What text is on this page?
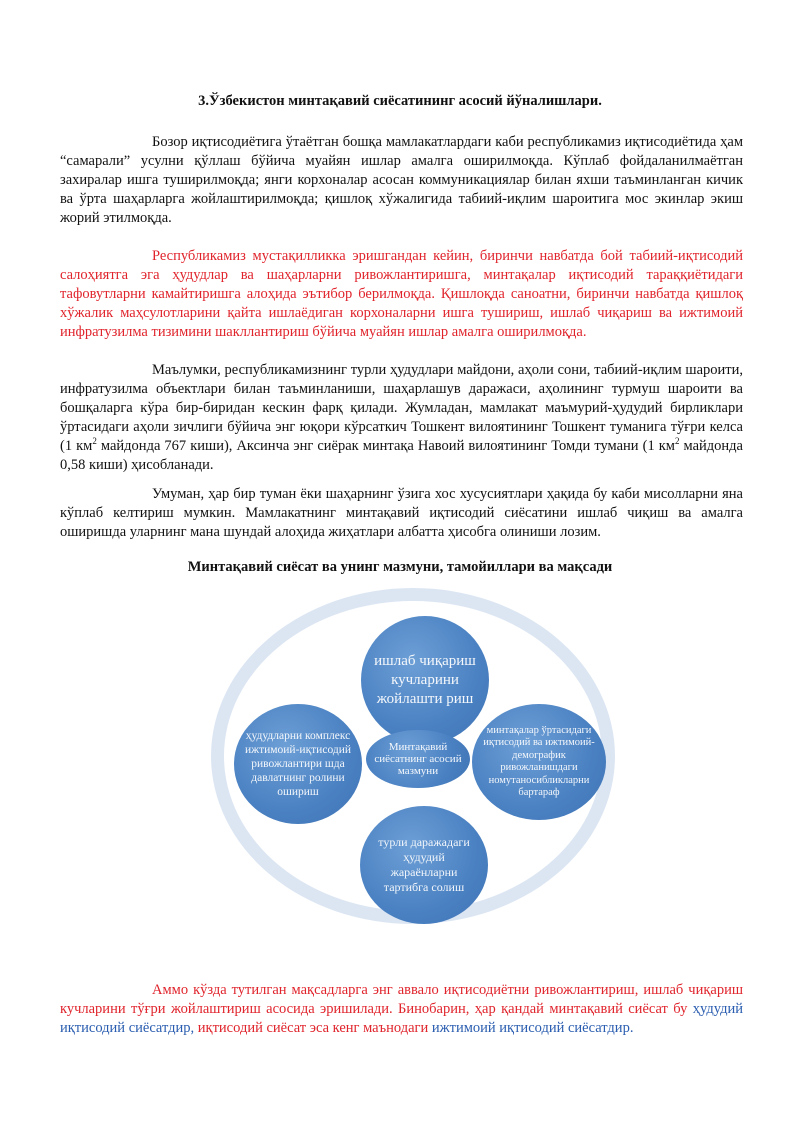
3.Ўзбекистон минтақавий сиёсатининг асосий йўналишлари.

Бозор иқтисодиётига ўтаётган бошқа мамлакатлардаги каби республикамиз иқтисодиётида ҳам “самарали” усулни қўллаш бўйича муайян ишлар амалга оширилмоқда. Кўплаб фойдаланилмаётган захиралар ишга туширилмоқда; янги корхоналар асосан коммуникациялар билан яхши таъминланган кичик ва ўрта шаҳарларга жойлаштирилмоқда; қишлоқ хўжалигида табиий-иқлим шароитига мос экинлар экиш жорий этилмоқда.

Республикамиз мустақилликка эришгандан кейин, биринчи навбатда бой табиий-иқтисодий салоҳиятга эга ҳудудлар ва шаҳарларни ривожлантиришга, минтақалар иқтисодий тараққиётидаги тафовутларни камайтиришга алоҳида эътибор берилмоқда. Қишлоқда саноатни, биринчи навбатда қишлоқ хўжалик маҳсулотларини қайта ишлаёдиган корхоналарни ишга тушириш, ишлаб чиқариш ва ижтимоий инфратузилма тизимини шакллантириш бўйича муайян ишлар амалга оширилмоқда.

Маълумки, республикамизнинг турли ҳудудлари майдони, аҳоли сони, табиий-иқлим шароити, инфратузилма объектлари билан таъминланиши, шаҳарлашув даражаси, аҳолининг турмуш шароити ва бошқаларга кўра бир-биридан кескин фарқ қилади. Жумладан, мамлакат маъмурий-ҳудудий бирликлари ўртасидаги аҳоли зичлиги бўйича энг юқори кўрсаткич Тошкент вилоятининг Тошкент туманига тўғри келса (1 $км^2$ майдонда 767 киши), Аксинча энг сиёрак минтақа Навоий вилоятининг Томди тумани (1 $км^2$ майдонда 0,58 киши) ҳисобланади.

Умуман, ҳар бир туман ёки шаҳарнинг ўзига хос хусусиятлари ҳақида бу каби мисолларни яна кўплаб келтириш мумкин. Мамлакатнинг минтақавий иқтисодий сиёсатини ишлаб чиқиш ва амалга оширишда уларнинг мана шундай алоҳида жиҳатлари албатта ҳисобга олиниши лозим.

Минтақавий сиёсат ва унинг мазмуни, тамойиллари ва мақсади
ишлаб чиқариш кучларини жойлашти риш
ҳудудларни комплекс ижтимоий-иқтисодий ривожлантири шда давлатнинг ролини ошириш
минтақалар ўртасидаги иқтисодий ва ижтимоий-демографик ривожланишдаги номутаносибликларни бартараф
турли даражадаги ҳудудий жараёнларни тартибга солиш
Минтақавий сиёсатнинг асосий мазмуни

Аммо кўзда тутилган мақсадларга энг аввало иқтисодиётни ривожлантириш, ишлаб чиқариш кучларини тўғри жойлаштириш асосида эришилади. Бинобарин, ҳар қандай минтақавий сиёсат бу ҳудудий иқтисодий сиёсатдир, иқтисодий сиёсат эса кенг маънодаги ижтимоий иқтисодий сиёсатдир.
